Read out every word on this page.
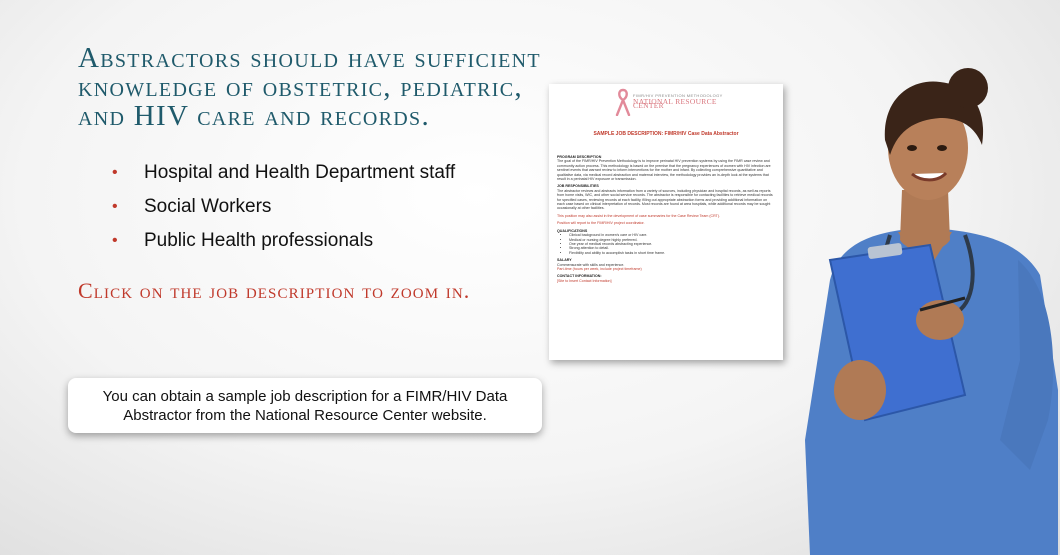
Abstractors should have sufficient
knowledge of obstetric, pediatric,
and HIV care and records.
• Hospital and Health Department staff
• Social Workers
• Public Health professionals
Click on the job description to zoom in.
You can obtain a sample job description for a FIMR/HIV Data Abstractor from the National Resource Center website.
FIMR/HIV PREVENTION METHODOLOGY
NATIONAL RESOURCE CENTER
SAMPLE JOB DESCRIPTION: FIMR/HIV Case Data Abstractor
PROGRAM DESCRIPTION
The goal of the FIMR/HIV Prevention Methodology is to improve perinatal HIV prevention systems by using the FIMR case review and community action process. This methodology is based on the premise that the pregnancy experiences of women with HIV infection are sentinel events that warrant review to inform interventions for the mother and infant. By collecting comprehensive quantitative and qualitative data, via medical record abstraction and maternal interview, the methodology provides an in-depth look at the systems that result in a perinatal HIV exposure or transmission.
JOB RESPONSIBILITIES
The abstractor reviews and abstracts information from a variety of sources, including physician and hospital records, as well as reports from home visits, WIC, and other social service records. The abstractor is responsible for contacting facilities to retrieve medical records for specified cases, reviewing records at each facility, filling out appropriate abstraction forms and providing additional information on each case based on clinical interpretation of records. Most records are found at area hospitals, while additional records may be sought occasionally at other facilities.
This position may also assist in the development of case summaries for the Case Review Team (CRT).
Position will report to the FIMR/HIV project coordinator.
QUALIFICATIONS
• Clinical background in women's care or HIV care.
• Medical or nursing degree highly preferred.
• One year of medical records abstracting experience.
• Strong attention to detail.
• Flexibility and ability to accomplish tasks in short time frame.
SALARY
Commensurate with skills and experience.
Part-time (hours per week, include project timeframe)
CONTACT INFORMATION:
[Site to Insert Contact Information]
